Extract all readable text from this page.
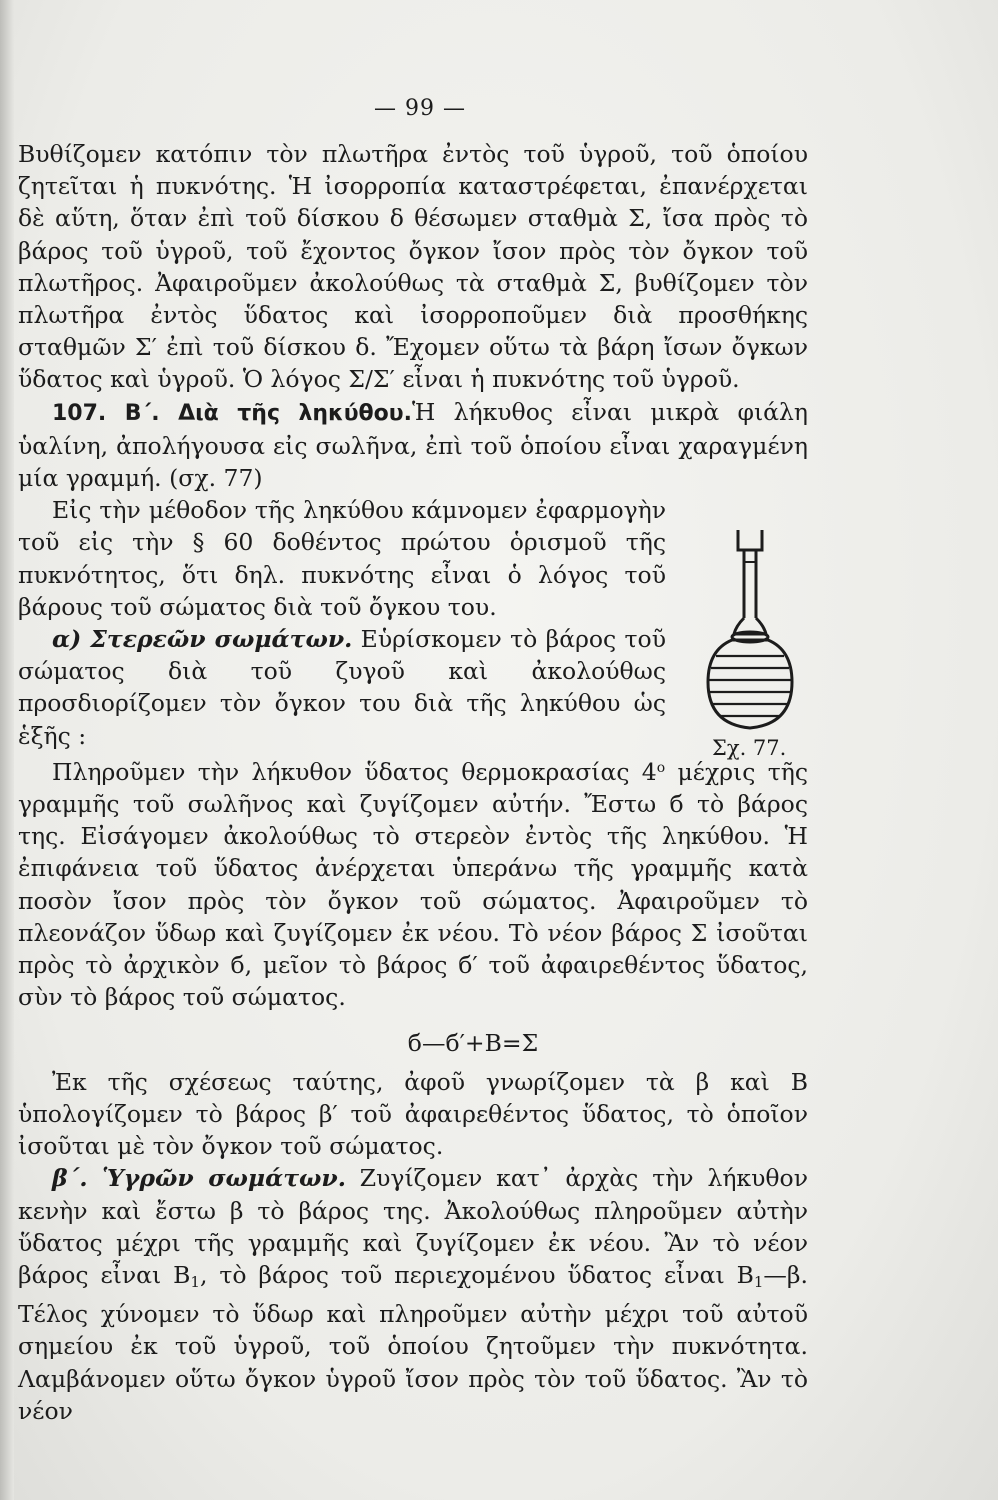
— 99 —

Βυθίζομεν κατόπιν τὸν πλωτῆρα ἐντὸς τοῦ ὑγροῦ, τοῦ ὁποίου ζητεῖται ἡ πυκνότης. Ἡ ἰσορροπία καταστρέφεται, ἐπανέρχεται δὲ αὕτη, ὅταν ἐπὶ τοῦ δίσκου δ θέσωμεν σταθμὰ Σ, ἴσα πρὸς τὸ βάρος τοῦ ὑγροῦ, τοῦ ἔχοντος ὄγκον ἴσον πρὸς τὸν ὄγκον τοῦ πλωτῆρος. Ἀφαιροῦμεν ἀκολούθως τὰ σταθμὰ Σ, βυθίζομεν τὸν πλωτῆρα ἐντὸς ὕδατος καὶ ἰσορροποῦμεν διὰ προσθήκης σταθμῶν Σ′ ἐπὶ τοῦ δίσκου δ. Ἔχομεν οὕτω τὰ βάρη ἴσων ὄγκων ὕδατος καὶ ὑγροῦ. Ὁ λόγος Σ/Σ′ εἶναι ἡ πυκνότης τοῦ ὑγροῦ.

107. Β΄. Διὰ τῆς ληκύθου.Ἡ λήκυθος εἶναι μικρὰ φιάλη ὑαλίνη, ἀπολήγουσα εἰς σωλῆνα, ἐπὶ τοῦ ὁποίου εἶναι χαραγμένη μία γραμμή. (σχ. 77)

Εἰς τὴν μέθοδον τῆς ληκύθου κάμνομεν ἐφαρμογὴν τοῦ εἰς τὴν § 60 δοθέντος πρώτου ὁρισμοῦ τῆς πυκνότητος, ὅτι δηλ. πυκνότης εἶναι ὁ λόγος τοῦ βάρους τοῦ σώματος διὰ τοῦ ὄγκου του.

α) Στερεῶν σωμάτων. Εὑρίσκομεν τὸ βάρος τοῦ σώματος διὰ τοῦ ζυγοῦ καὶ ἀκολούθως προσδιορίζομεν τὸν ὄγκον του διὰ τῆς ληκύθου ὡς ἑξῆς :

Πληροῦμεν τὴν λήκυθον ὕδατος θερμοκρασίας $4^o$ μέχρις τῆς γραμμῆς τοῦ σωλῆνος καὶ ζυγίζομεν αὐτήν. Ἔστω б τὸ βάρος της. Εἰσάγομεν ἀκολούθως τὸ στερεὸν ἐντὸς τῆς ληκύθου. Ἡ ἐπιφάνεια τοῦ ὕδατος ἀνέρχεται ὑπεράνω τῆς γραμμῆς κατὰ ποσὸν ἴσον πρὸς τὸν ὄγκον τοῦ σώματος. Ἀφαιροῦμεν τὸ πλεονάζον ὕδωρ καὶ ζυγίζομεν ἐκ νέου. Τὸ νέον βάρος Σ ἰσοῦται πρὸς τὸ ἀρχικὸν б, μεῖον τὸ βάρος б′ τοῦ ἀφαιρεθέντος ὕδατος, σὺν τὸ βάρος τοῦ σώματος.

б—б′+Β=Σ

Ἐκ τῆς σχέσεως ταύτης, ἀφοῦ γνωρίζομεν τὰ β καὶ Β ὑπολογίζομεν τὸ βάρος β′ τοῦ ἀφαιρεθέντος ὕδατος, τὸ ὁποῖον ἰσοῦται μὲ τὸν ὄγκον τοῦ σώματος.

β΄. Ὑγρῶν σωμάτων. Ζυγίζομεν κατ᾿ ἀρχὰς τὴν λήκυθον κενὴν καὶ ἔστω β τὸ βάρος της. Ἀκολούθως πληροῦμεν αὐτὴν ὕδατος μέχρι τῆς γραμμῆς καὶ ζυγίζομεν ἐκ νέου. Ἂν τὸ νέον βάρος εἶναι $B_1$, τὸ βάρος τοῦ περιεχομένου ὕδατος εἶναι $B_1—\beta$. Τέλος χύνομεν τὸ ὕδωρ καὶ πληροῦμεν αὐτὴν μέχρι τοῦ αὐτοῦ σημείου ἐκ τοῦ ὑγροῦ, τοῦ ὁποίου ζητοῦμεν τὴν πυκνότητα. Λαμβάνομεν οὕτω ὄγκον ὑγροῦ ἴσον πρὸς τὸν τοῦ ὕδατος. Ἂν τὸ νέον

Σχ. 77.
